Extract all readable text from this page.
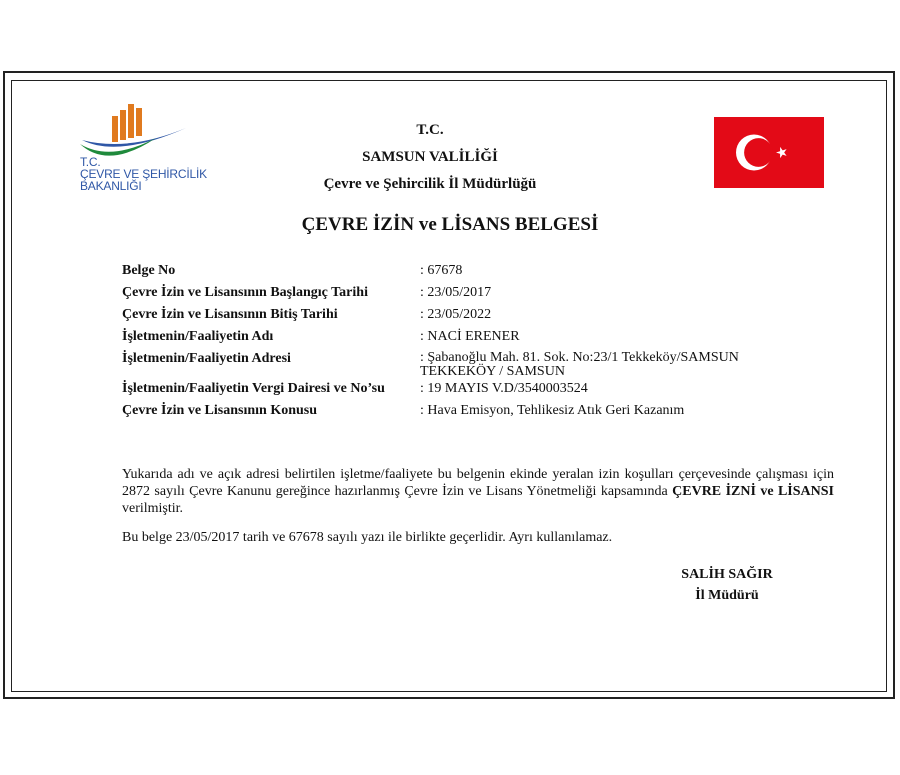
T.C.
ÇEVRE VE ŞEHİRCİLİK
BAKANLIĞI
T.C.
SAMSUN VALİLİĞİ
Çevre ve Şehircilik İl Müdürlüğü
ÇEVRE İZİN ve LİSANS BELGESİ
Belge No	: 67678
Çevre İzin ve Lisansının Başlangıç Tarihi	: 23/05/2017
Çevre İzin ve Lisansının Bitiş Tarihi	: 23/05/2022
İşletmenin/Faaliyetin Adı	: NACİ ERENER
İşletmenin/Faaliyetin Adresi	: Şabanoğlu Mah. 81. Sok. No:23/1 Tekkeköy/SAMSUN
TEKKEKÖY / SAMSUN
İşletmenin/Faaliyetin Vergi Dairesi ve No’su	: 19 MAYIS V.D/3540003524
Çevre İzin ve Lisansının Konusu	: Hava Emisyon, Tehlikesiz Atık Geri Kazanım
Yukarıda adı ve açık adresi belirtilen işletme/faaliyete bu belgenin ekinde yeralan izin koşulları çerçevesinde çalışması için 2872 sayılı Çevre Kanunu gereğince hazırlanmış Çevre İzin ve Lisans Yönetmeliği kapsamında ÇEVRE İZNİ ve LİSANSI verilmiştir.
Bu belge 23/05/2017 tarih ve 67678 sayılı yazı ile birlikte geçerlidir. Ayrı kullanılamaz.
SALİH SAĞIR
İl Müdürü
